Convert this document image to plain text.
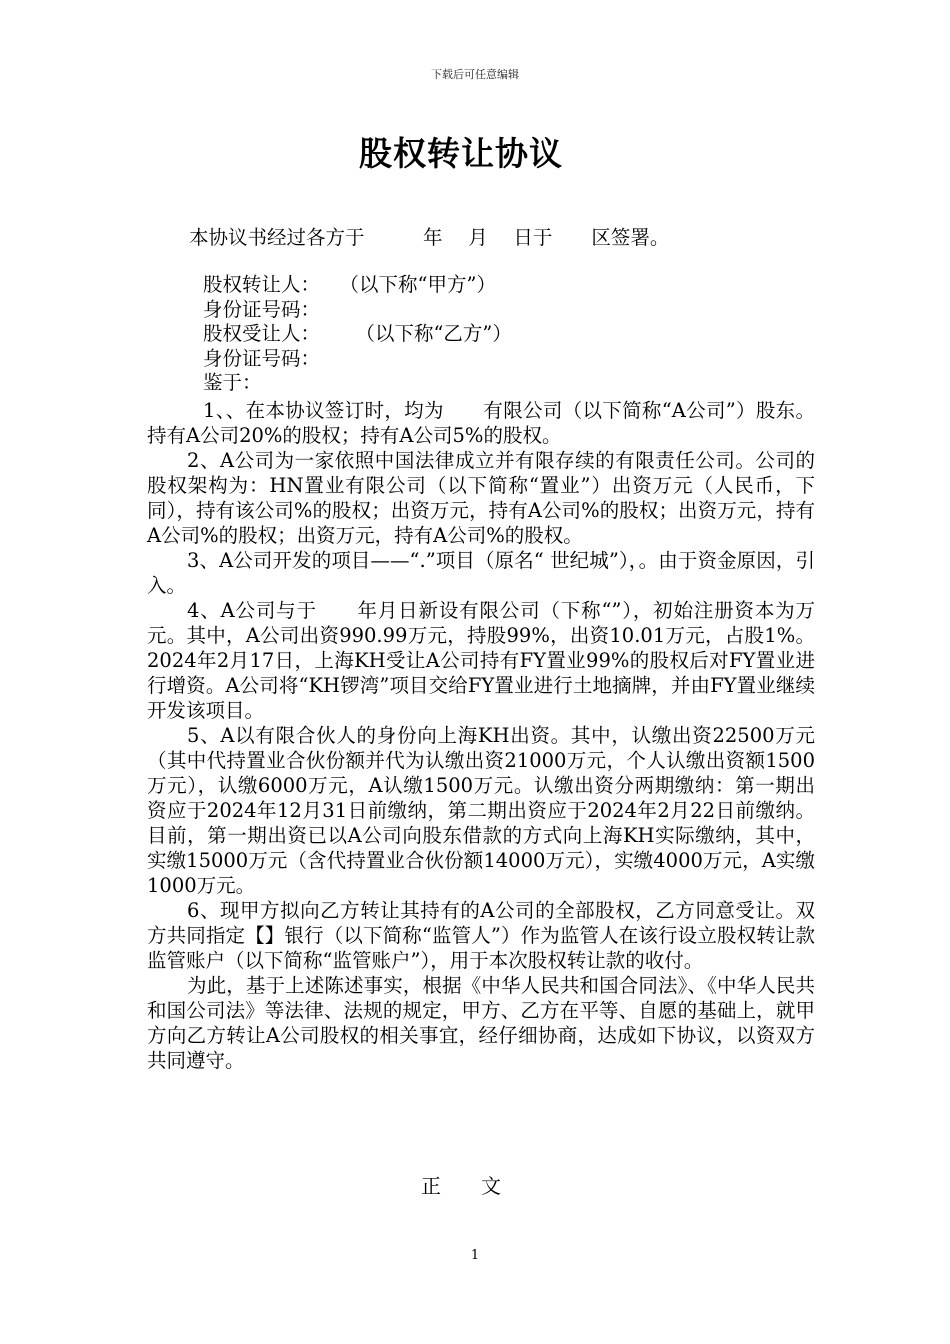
下载后可任意编辑
股权转让协议
本协议书经过各方于　　　年　 月　 日于　　区签署。
股权转让人：　　（以下称“甲方”）
身份证号码：
股权受让人：　　 （以下称“乙方”）
身份证号码：
鉴于：

1、、在本协议签订时，均为　　有限公司（以下简称“A公司”）股东。持有A公司20%的股权；持有A公司5%的股权。

2、A公司为一家依照中国法律成立并有限存续的有限责任公司。公司的股权架构为：HN置业有限公司（以下简称“置业”）出资万元（人民币，下同），持有该公司%的股权；出资万元，持有A公司%的股权；出资万元，持有A公司%的股权；出资万元，持有A公司%的股权。

3、A公司开发的项目——“.”项目（原名“ 世纪城”），。由于资金原因，引入。

4、A公司与于　　年月日新设有限公司（下称“”），初始注册资本为万元。其中，A公司出资990.99万元，持股99%，出资10.01万元，占股1%。2024年2月17日，上海KH受让A公司持有FY置业99%的股权后对FY置业进行增资。A公司将“KH锣湾”项目交给FY置业进行土地摘牌，并由FY置业继续开发该项目。

5、A以有限合伙人的身份向上海KH出资。其中，认缴出资22500万元（其中代持置业合伙份额并代为认缴出资21000万元，个人认缴出资额1500万元），认缴6000万元，A认缴1500万元。认缴出资分两期缴纳：第一期出资应于2024年12月31日前缴纳，第二期出资应于2024年2月22日前缴纳。目前，第一期出资已以A公司向股东借款的方式向上海KH实际缴纳，其中，实缴15000万元（含代持置业合伙份额14000万元），实缴4000万元，A实缴1000万元。

6、现甲方拟向乙方转让其持有的A公司的全部股权，乙方同意受让。双方共同指定【】银行（以下简称“监管人”）作为监管人在该行设立股权转让款监管账户（以下简称“监管账户”），用于本次股权转让款的收付。

为此，基于上述陈述事实，根据《中华人民共和国合同法》、《中华人民共和国公司法》等法律、法规的规定，甲方、乙方在平等、自愿的基础上，就甲方向乙方转让A公司股权的相关事宜，经仔细协商，达成如下协议，以资双方共同遵守。

正　　文
1
